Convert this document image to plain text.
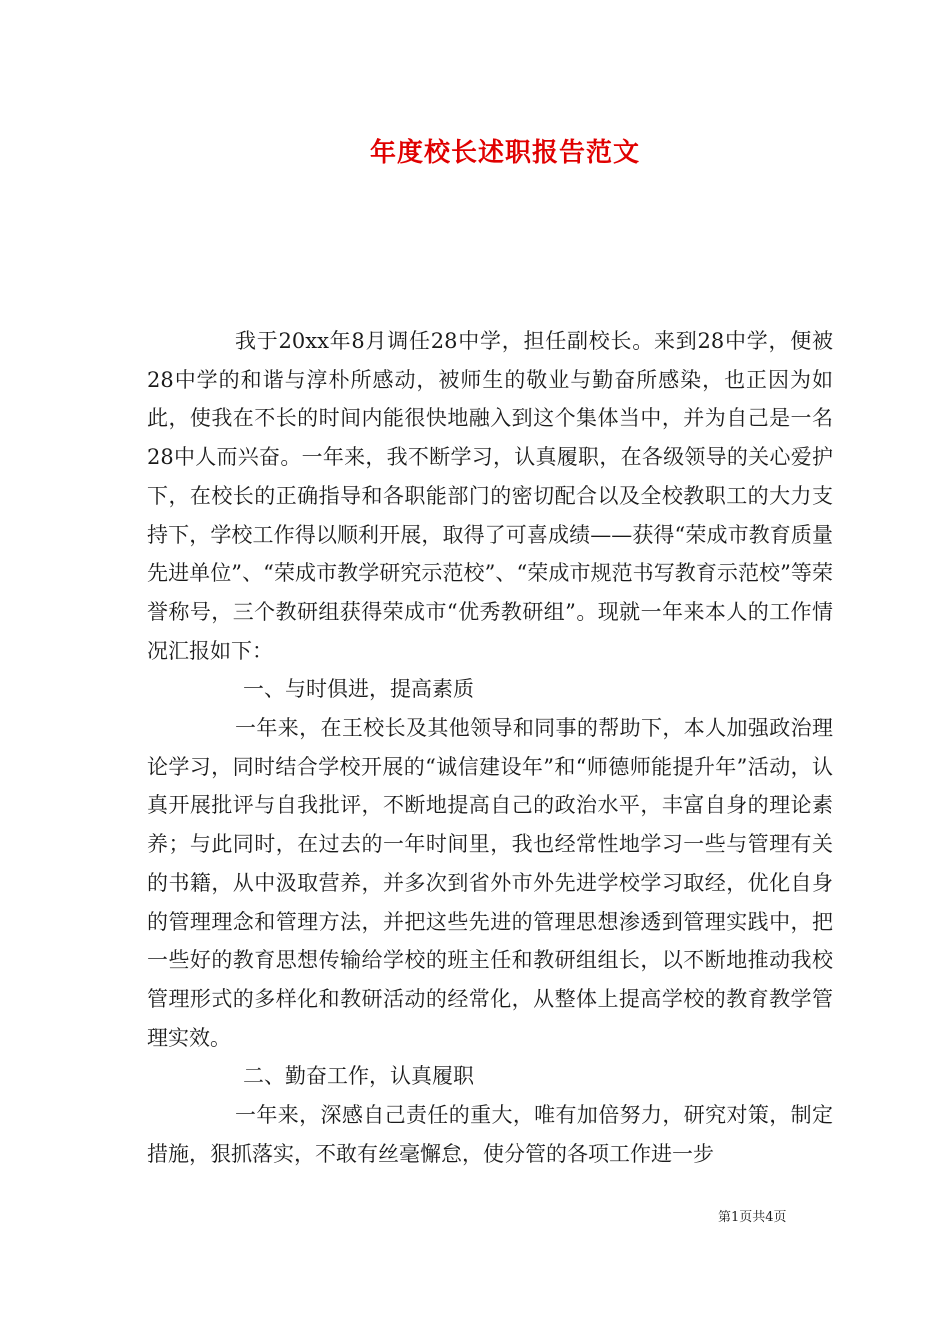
年度校长述职报告范文

我于20xx年8月调任28中学，担任副校长。来到28中学，便被28中学的和谐与淳朴所感动，被师生的敬业与勤奋所感染，也正因为如此，使我在不长的时间内能很快地融入到这个集体当中，并为自己是一名28中人而兴奋。一年来，我不断学习，认真履职，在各级领导的关心爱护下，在校长的正确指导和各职能部门的密切配合以及全校教职工的大力支持下，学校工作得以顺利开展，取得了可喜成绩——获得“荣成市教育质量先进单位”、“荣成市教学研究示范校”、“荣成市规范书写教育示范校”等荣誉称号，三个教研组获得荣成市“优秀教研组”。现就一年来本人的工作情况汇报如下：

一、与时俱进，提高素质

一年来，在王校长及其他领导和同事的帮助下，本人加强政治理论学习，同时结合学校开展的“诚信建设年”和“师德师能提升年”活动，认真开展批评与自我批评，不断地提高自己的政治水平，丰富自身的理论素养；与此同时，在过去的一年时间里，我也经常性地学习一些与管理有关的书籍，从中汲取营养，并多次到省外市外先进学校学习取经，优化自身的管理理念和管理方法，并把这些先进的管理思想渗透到管理实践中，把一些好的教育思想传输给学校的班主任和教研组组长，以不断地推动我校管理形式的多样化和教研活动的经常化，从整体上提高学校的教育教学管理实效。

二、勤奋工作，认真履职

一年来，深感自己责任的重大，唯有加倍努力，研究对策，制定措施，狠抓落实，不敢有丝毫懈怠，使分管的各项工作进一步

第1页共4页
